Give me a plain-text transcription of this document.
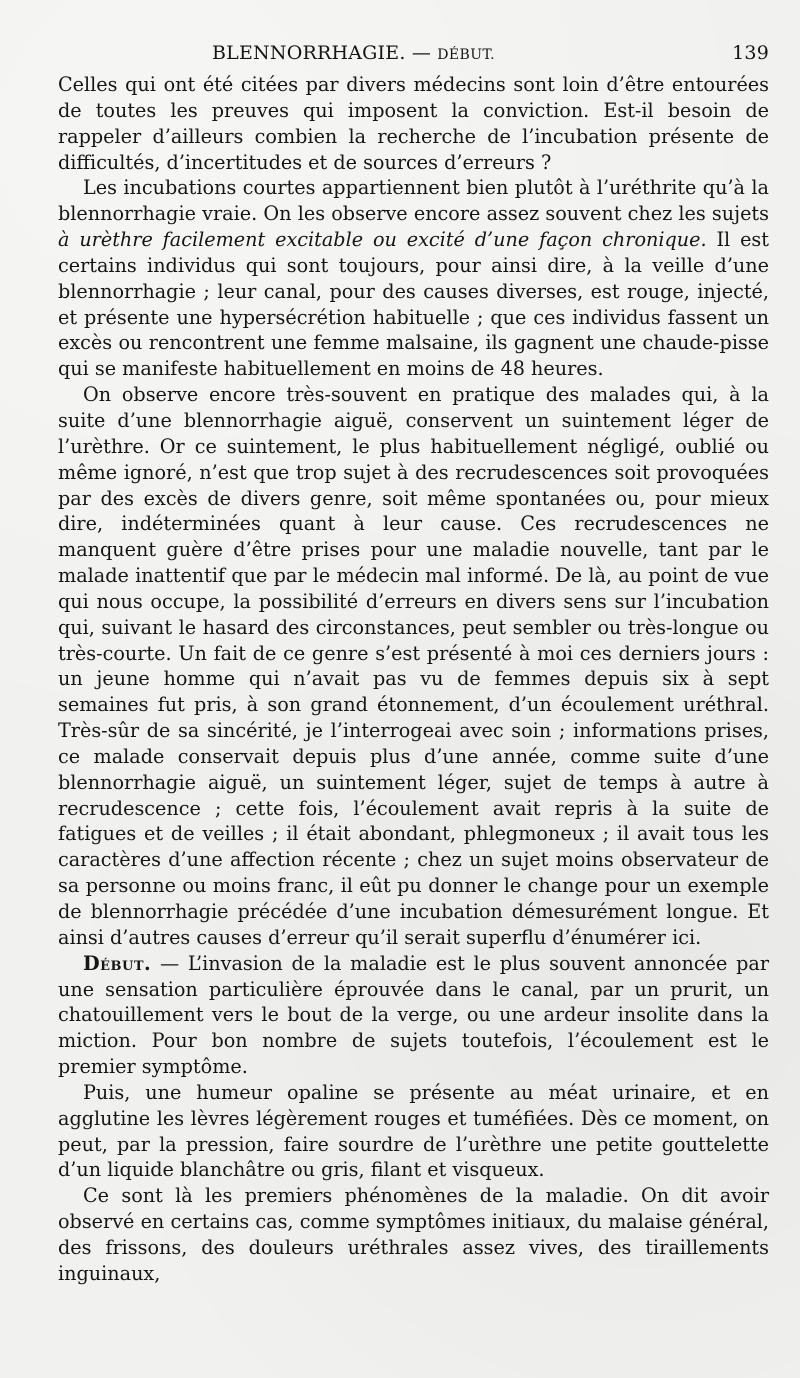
BLENNORRHAGIE. — DÉBUT.	139

Celles qui ont été citées par divers médecins sont loin d’être entourées de toutes les preuves qui imposent la conviction. Est-il besoin de rappeler d’ailleurs combien la recherche de l’incubation présente de difficultés, d’incertitudes et de sources d’erreurs ?

Les incubations courtes appartiennent bien plutôt à l’uréthrite qu’à la blennorrhagie vraie. On les observe encore assez souvent chez les sujets à urèthre facilement excitable ou excité d’une façon chronique. Il est certains individus qui sont toujours, pour ainsi dire, à la veille d’une blennorrhagie ; leur canal, pour des causes diverses, est rouge, injecté, et présente une hypersécrétion habituelle ; que ces individus fassent un excès ou rencontrent une femme malsaine, ils gagnent une chaude-pisse qui se manifeste habituellement en moins de 48 heures.

On observe encore très-souvent en pratique des malades qui, à la suite d’une blennorrhagie aiguë, conservent un suintement léger de l’urèthre. Or ce suintement, le plus habituellement négligé, oublié ou même ignoré, n’est que trop sujet à des recrudescences soit provoquées par des excès de divers genre, soit même spontanées ou, pour mieux dire, indéterminées quant à leur cause. Ces recrudescences ne manquent guère d’être prises pour une maladie nouvelle, tant par le malade inattentif que par le médecin mal informé. De là, au point de vue qui nous occupe, la possibilité d’erreurs en divers sens sur l’incubation qui, suivant le hasard des circonstances, peut sembler ou très-longue ou très-courte. Un fait de ce genre s’est présenté à moi ces derniers jours : un jeune homme qui n’avait pas vu de femmes depuis six à sept semaines fut pris, à son grand étonnement, d’un écoulement uréthral. Très-sûr de sa sincérité, je l’interrogeai avec soin ; informations prises, ce malade conservait depuis plus d’une année, comme suite d’une blennorrhagie aiguë, un suintement léger, sujet de temps à autre à recrudescence ; cette fois, l’écoulement avait repris à la suite de fatigues et de veilles ; il était abondant, phlegmoneux ; il avait tous les caractères d’une affection récente ; chez un sujet moins observateur de sa personne ou moins franc, il eût pu donner le change pour un exemple de blennorrhagie précédée d’une incubation démesurément longue. Et ainsi d’autres causes d’erreur qu’il serait superflu d’énumérer ici.

Début. — L’invasion de la maladie est le plus souvent annoncée par une sensation particulière éprouvée dans le canal, par un prurit, un chatouillement vers le bout de la verge, ou une ardeur insolite dans la miction. Pour bon nombre de sujets toutefois, l’écoulement est le premier symptôme.

Puis, une humeur opaline se présente au méat urinaire, et en agglutine les lèvres légèrement rouges et tuméfiées. Dès ce moment, on peut, par la pression, faire sourdre de l’urèthre une petite gouttelette d’un liquide blanchâtre ou gris, filant et visqueux.

Ce sont là les premiers phénomènes de la maladie. On dit avoir observé en certains cas, comme symptômes initiaux, du malaise général, des frissons, des douleurs uréthrales assez vives, des tiraillements inguinaux,
